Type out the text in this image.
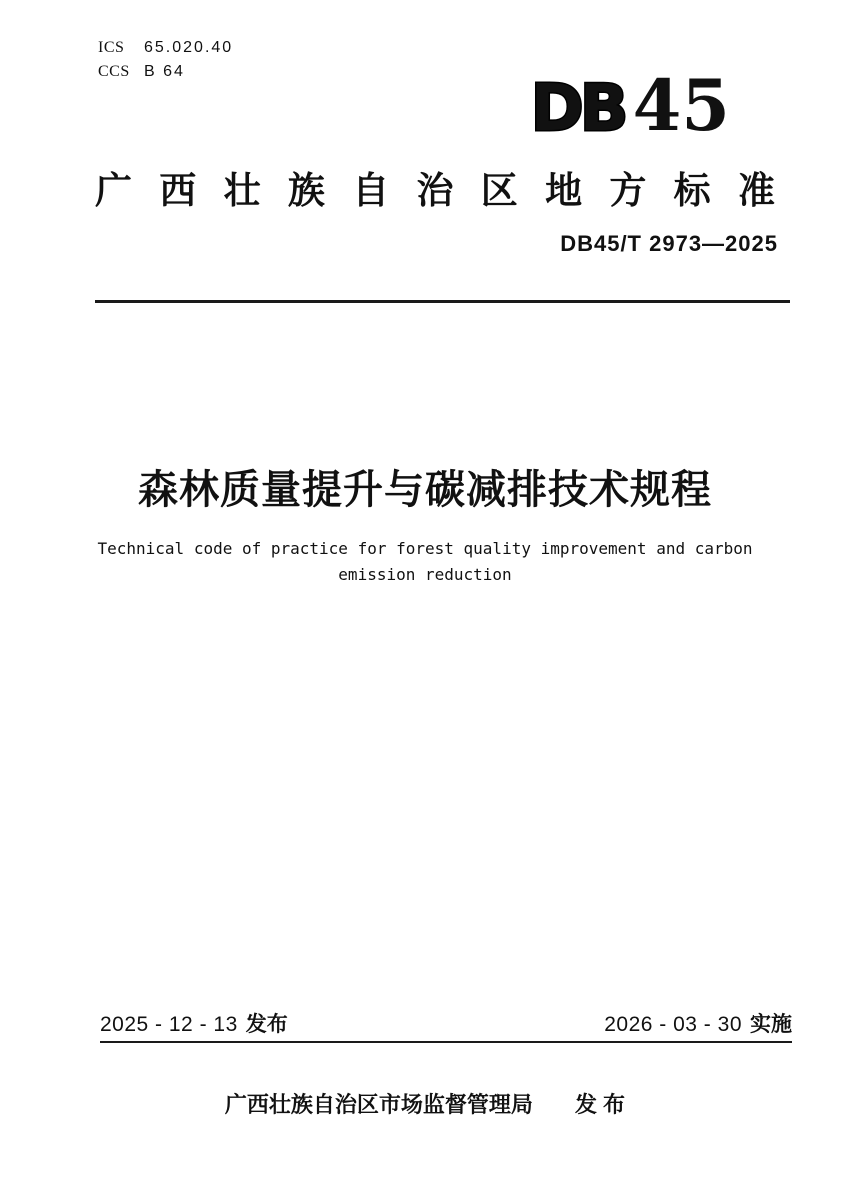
ICS	65.020.40
CCS B 64
DB 45
广 西 壮 族 自 治 区 地 方 标 准
DB45/T 2973—2025
森林质量提升与碳减排技术规程
Technical code of practice for forest quality improvement and carbon emission reduction
2025 - 12 - 13 发布	2026 - 03 - 30 实施
广西壮族自治区市场监督管理局 发 布
